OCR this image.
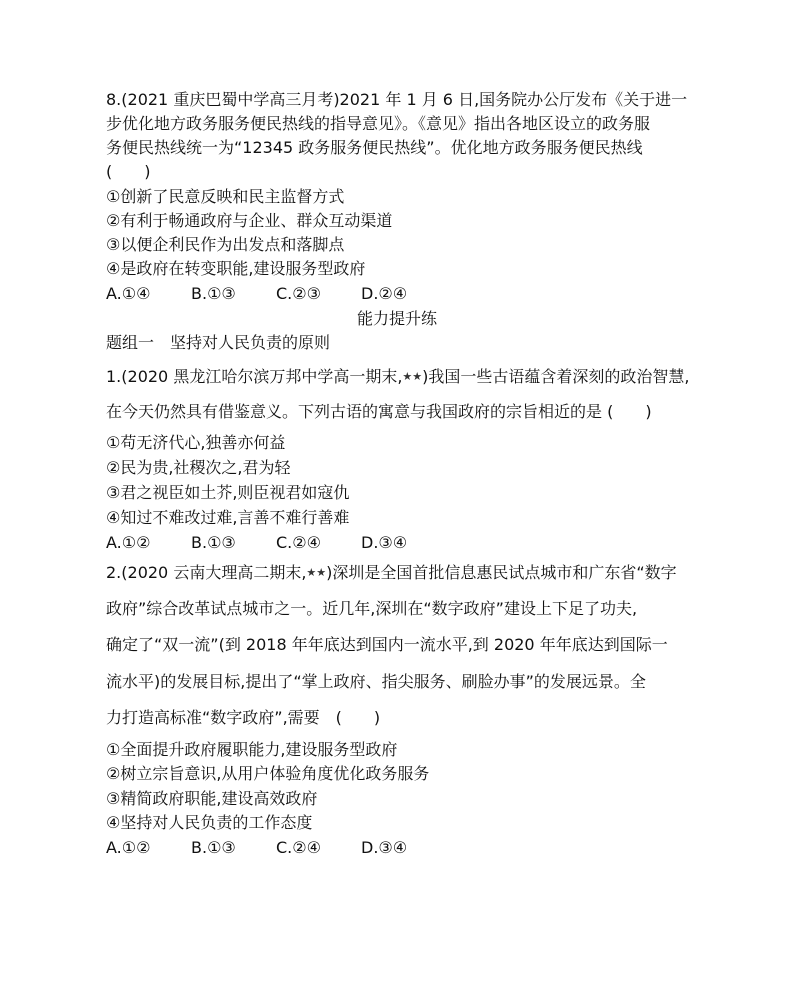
8.(2021 重庆巴蜀中学高三月考)2021 年 1 月 6 日,国务院办公厅发布《关于进一
步优化地方政务服务便民热线的指导意见》。《意见》指出各地区设立的政务服
务便民热线统一为“12345 政务服务便民热线”。优化地方政务服务便民热线
(　　)
①创新了民意反映和民主监督方式
②有利于畅通政府与企业、群众互动渠道
③以便企利民作为出发点和落脚点
④是政府在转变职能,建设服务型政府
A.①④	B.①③	C.②③	D.②④
能力提升练
题组一　坚持对人民负责的原则
1.(2020 黑龙江哈尔滨万邦中学高一期末,★★)我国一些古语蕴含着深刻的政治智慧,
在今天仍然具有借鉴意义。下列古语的寓意与我国政府的宗旨相近的是 (　　)
①苟无济代心,独善亦何益
②民为贵,社稷次之,君为轻
③君之视臣如土芥,则臣视君如寇仇
④知过不难改过难,言善不难行善难
A.①②	B.①③	C.②④	D.③④
2.(2020 云南大理高二期末,★★)深圳是全国首批信息惠民试点城市和广东省“数字
政府”综合改革试点城市之一。近几年,深圳在“数字政府”建设上下足了功夫,
确定了“双一流”(到 2018 年年底达到国内一流水平,到 2020 年年底达到国际一
流水平)的发展目标,提出了“掌上政府、指尖服务、刷脸办事”的发展远景。全
力打造高标准“数字政府”,需要　(　　)
①全面提升政府履职能力,建设服务型政府
②树立宗旨意识,从用户体验角度优化政务服务
③精简政府职能,建设高效政府
④坚持对人民负责的工作态度
A.①②	B.①③	C.②④	D.③④
